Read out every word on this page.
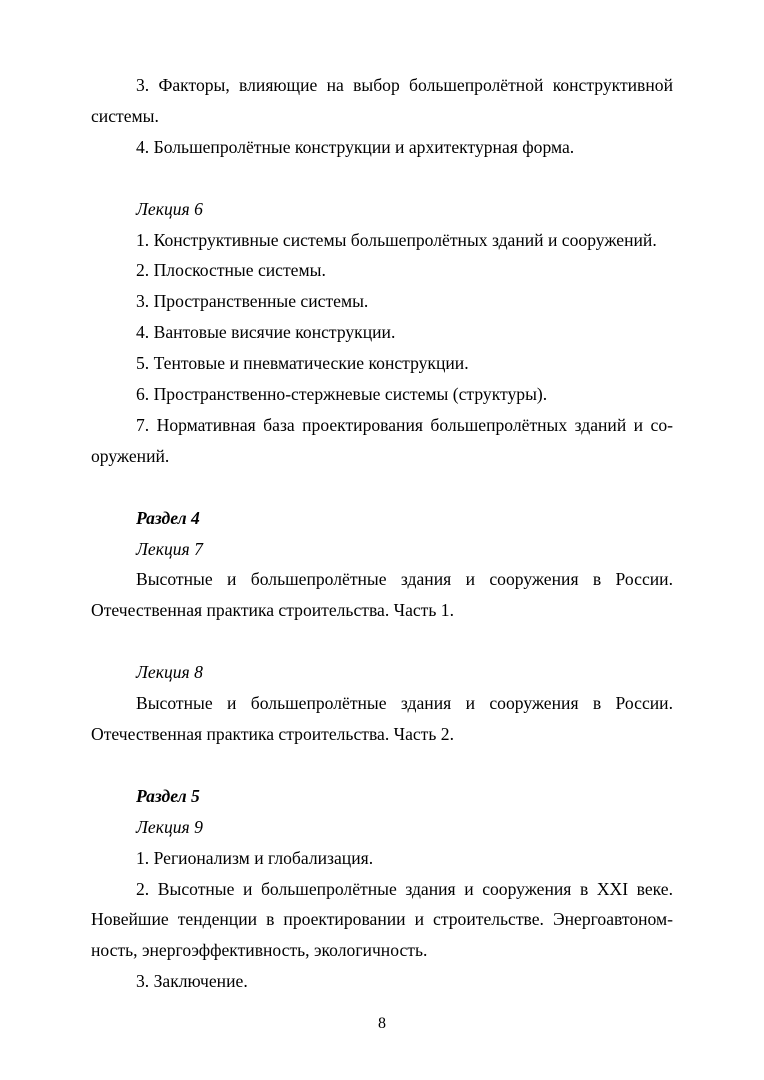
3. Факторы, влияющие на выбор большепролётной конструктивной системы.

4. Большепролётные конструкции и архитектурная форма.

Лекция 6

1. Конструктивные системы большепролётных зданий и сооружений.

2. Плоскостные системы.

3. Пространственные системы.

4. Вантовые висячие конструкции.

5. Тентовые и пневматические конструкции.

6. Пространственно-стержневые системы (структуры).

7. Нормативная база проектирования большепролётных зданий и сооружений.

Раздел 4

Лекция 7

Высотные и большепролётные здания и сооружения в России. Отечественная практика строительства. Часть 1.

Лекция 8

Высотные и большепролётные здания и сооружения в России. Отечественная практика строительства. Часть 2.

Раздел 5

Лекция 9

1. Регионализм и глобализация.

2. Высотные и большепролётные здания и сооружения в XXI веке. Новейшие тенденции в проектировании и строительстве. Энергоавтономность, энергоэффективность, экологичность.

3. Заключение.

8
